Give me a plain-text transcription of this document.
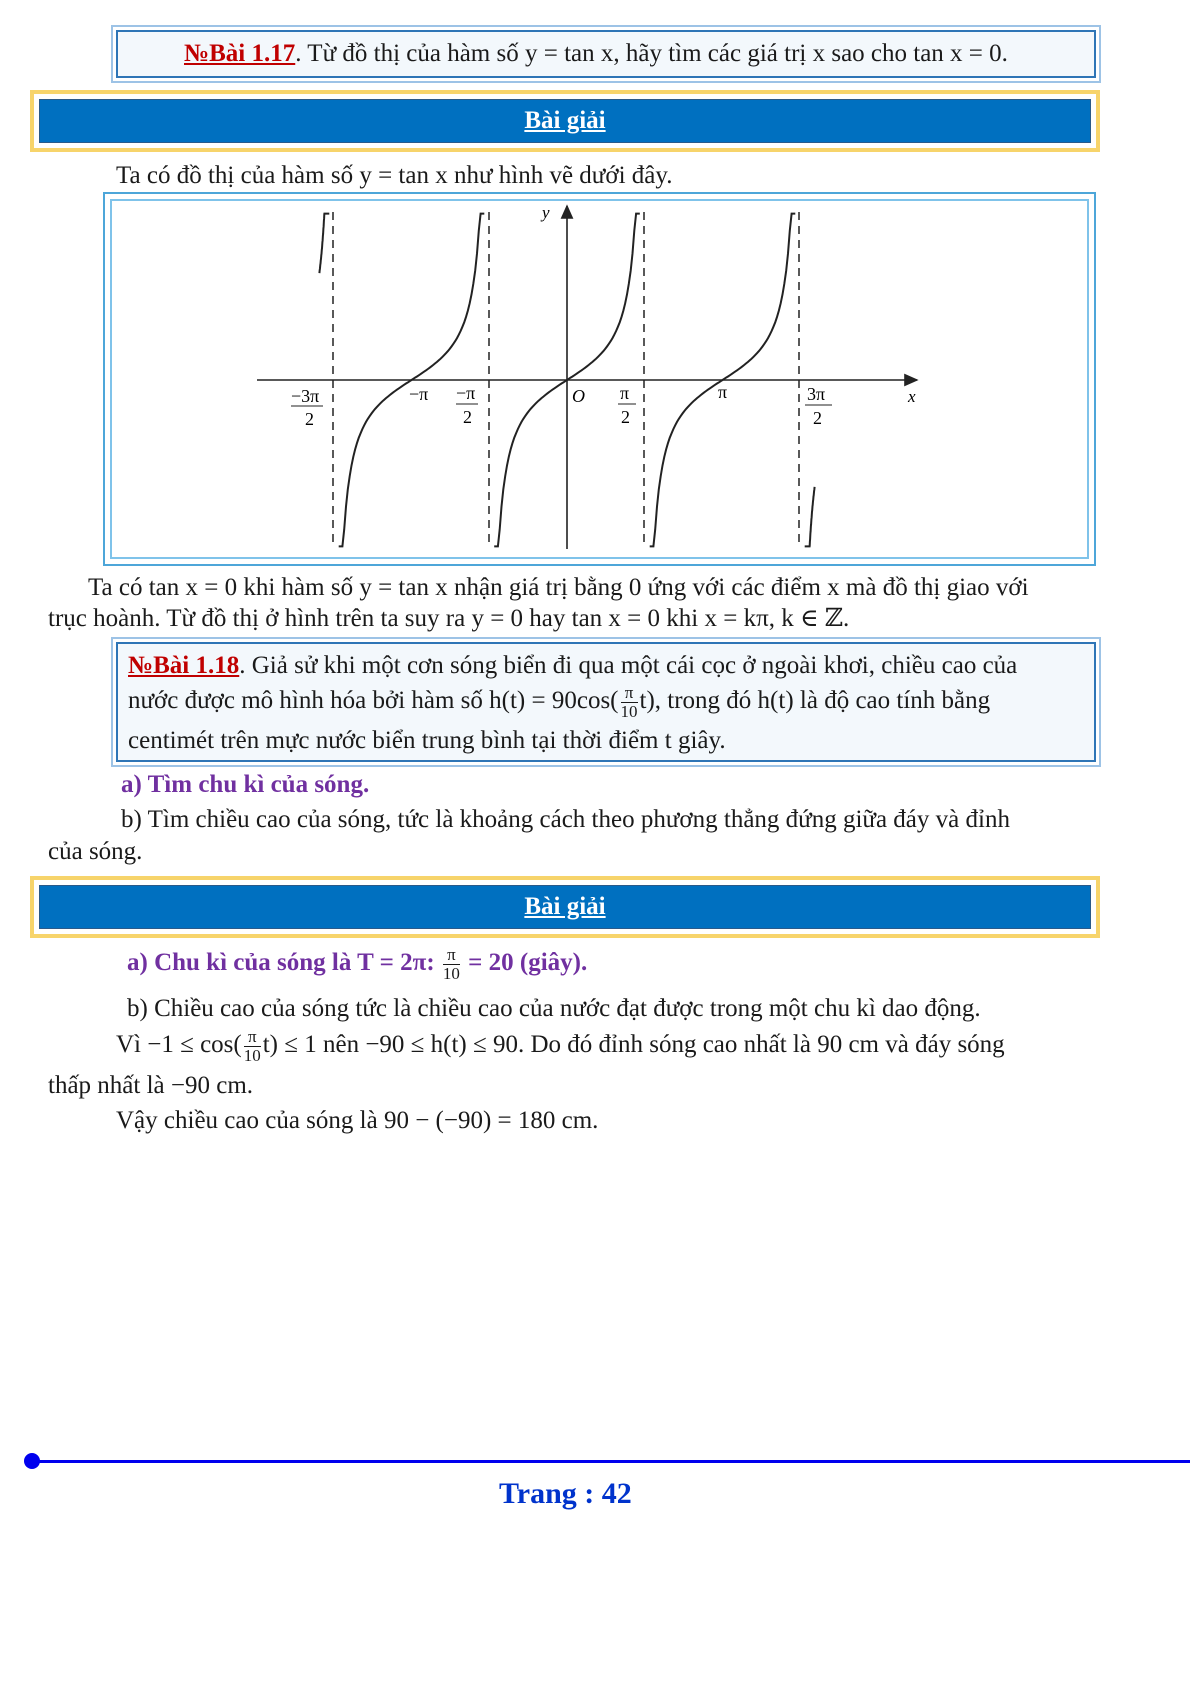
№Bài 1.17. Từ đồ thị của hàm số y = tan x, hãy tìm các giá trị x sao cho tan x = 0.
Bài giải
Ta có đồ thị của hàm số y = tan x như hình vẽ dưới đây.
y
x
O
−3π
2
−π −π
2
π
2
π	3π
2
Ta có tan x = 0 khi hàm số y = tan x nhận giá trị bằng 0 ứng với các điểm x mà đồ thị giao với
trục hoành. Từ đồ thị ở hình trên ta suy ra y = 0 hay tan x = 0 khi x = kπ, k ∈ ℤ.
№Bài 1.18. Giả sử khi một cơn sóng biển đi qua một cái cọc ở ngoài khơi, chiều cao của
nước được mô hình hóa bởi hàm số $h(t) = 90\cos( \frac{\pi}{10} t)$, trong đó h(t) là độ cao tính bằng
centimét trên mực nước biển trung bình tại thời điểm t giây.
a) Tìm chu kì của sóng.
b) Tìm chiều cao của sóng, tức là khoảng cách theo phương thẳng đứng giữa đáy và đỉnh
của sóng.
Bài giải
a) Chu kì của sóng là T = 2π: $\frac{\pi}{10} = 20$ (giây).
b) Chiều cao của sóng tức là chiều cao của nước đạt được trong một chu kì dao động.
Vì $-1 \le \cos( \frac{\pi}{10} t) \le 1$ nên −90 ≤ h(t) ≤ 90. Do đó đỉnh sóng cao nhất là 90 cm và đáy sóng
thấp nhất là −90 cm.
Vậy chiều cao của sóng là 90 − (−90) = 180 cm.
Trang : 42
